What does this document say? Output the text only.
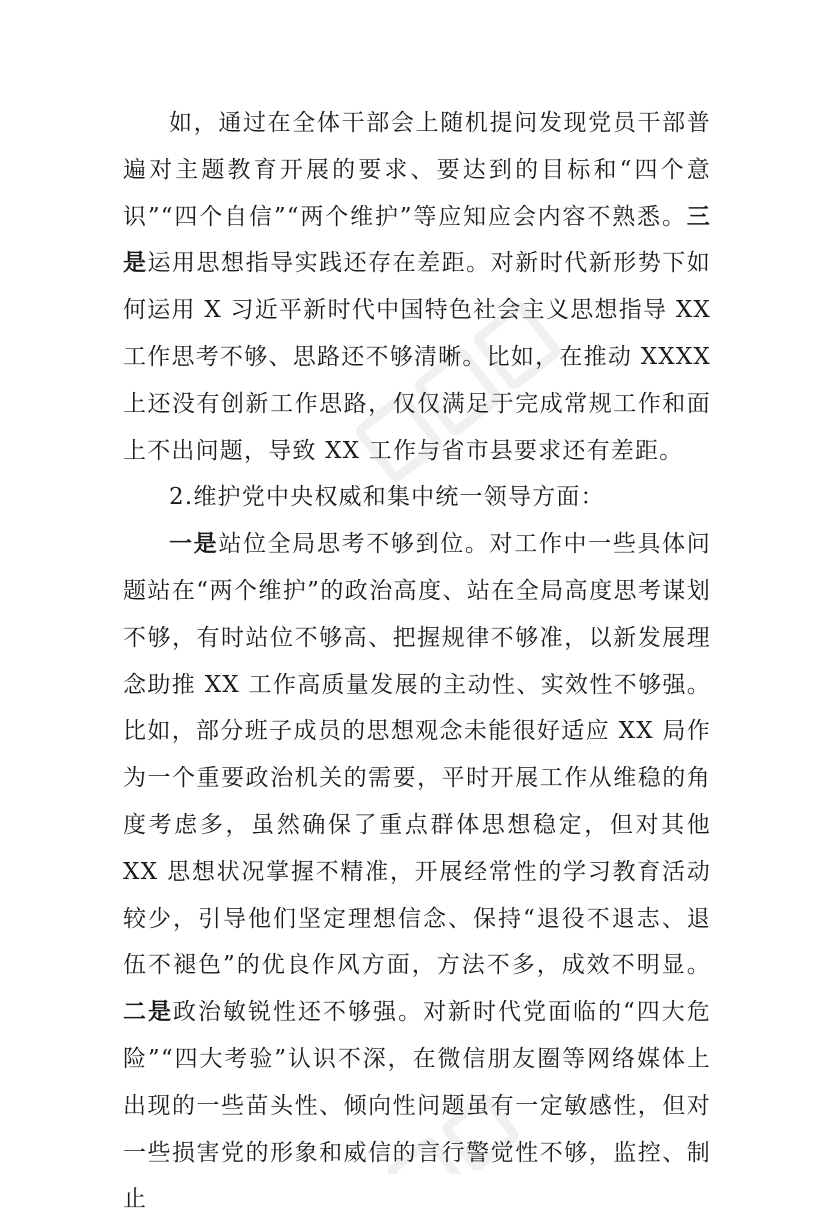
如，通过在全体干部会上随机提问发现党员干部普遍对主题教育开展的要求、要达到的目标和“四个意识”“四个自信”“两个维护”等应知应会内容不熟悉。三是运用思想指导实践还存在差距。对新时代新形势下如何运用 X 习近平新时代中国特色社会主义思想指导 XX 工作思考不够、思路还不够清晰。比如，在推动 XXXX 上还没有创新工作思路，仅仅满足于完成常规工作和面上不出问题，导致 XX 工作与省市县要求还有差距。

2.维护党中央权威和集中统一领导方面：

一是站位全局思考不够到位。对工作中一些具体问题站在“两个维护”的政治高度、站在全局高度思考谋划不够，有时站位不够高、把握规律不够准，以新发展理念助推 XX 工作高质量发展的主动性、实效性不够强。比如，部分班子成员的思想观念未能很好适应 XX 局作为一个重要政治机关的需要，平时开展工作从维稳的角度考虑多，虽然确保了重点群体思想稳定，但对其他 XX 思想状况掌握不精准，开展经常性的学习教育活动较少，引导他们坚定理想信念、保持“退役不退志、退伍不褪色”的优良作风方面，方法不多，成效不明显。二是政治敏锐性还不够强。对新时代党面临的“四大危险”“四大考验”认识不深，在微信朋友圈等网络媒体上出现的一些苗头性、倾向性问题虽有一定敏感性，但对一些损害党的形象和威信的言行警觉性不够，监控、制止
